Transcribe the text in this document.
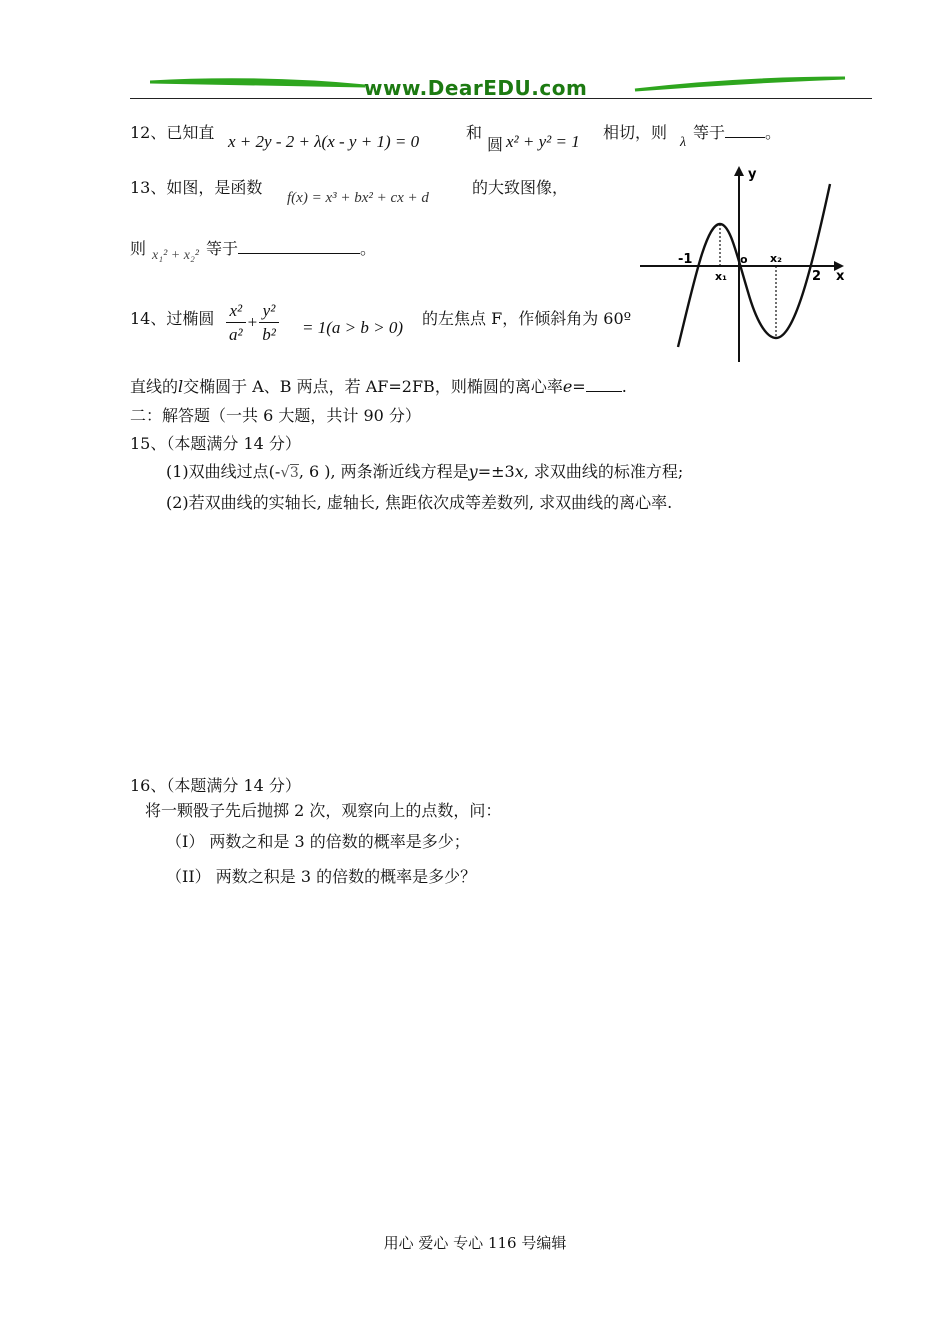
www.DearEDU.com
12、已知直 x + 2y - 2 + λ(x - y + 1) = 0	和
圆 x² + y² = 1 相切，则
λ
等于	。
13、如图，是函数
f(x) = x³ + bx² + cx + d
的大致图像，
则 x₁² + x₂² 等于	。
y
x
-1
x₁
o x₂
2
14、过椭圆 $\frac{\text{x²}}{\text{a²}} + \frac{\text{y²}}{\text{b²}} = 1(a > b > 0)$ 的左焦点 F，作倾斜角为 60º
直线的l交椭圆于 A、B 两点，若 AF=2FB，则椭圆的离心率e= .
二：解答题（一共 6 大题，共计 90 分）
15、（本题满分 14 分）
(1)双曲线过点(-√3, 6 ), 两条渐近线方程是y=±3x, 求双曲线的标准方程;
(2)若双曲线的实轴长, 虚轴长, 焦距依次成等差数列, 求双曲线的离心率.
16、（本题满分 14 分）
将一颗骰子先后抛掷 2 次，观察向上的点数，问：
（I） 两数之和是 3 的倍数的概率是多少；
（II） 两数之积是 3 的倍数的概率是多少？
用心 爱心 专心 116 号编辑
